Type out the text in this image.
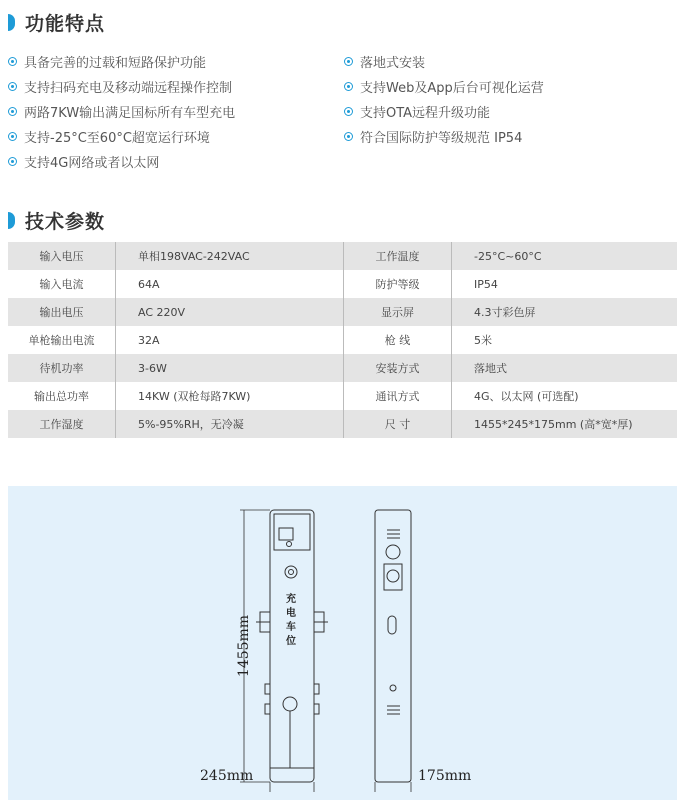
功能特点
具备完善的过载和短路保护功能	落地式安装
支持扫码充电及移动端远程操作控制	支持Web及App后台可视化运营
两路7KW输出满足国标所有车型充电	支持OTA远程升级功能
支持-25°C至60°C超宽运行环境	符合国际防护等级规范 IP54
支持4G网络或者以太网
技术参数
输入电压	单相198VAC-242VAC	工作温度	-25°C~60°C
输入电流	64A	防护等级	IP54
输出电压	AC 220V	显示屏	4.3寸彩色屏
单枪输出电流	32A	枪 线	5米
待机功率	3-6W	安装方式	落地式
输出总功率	14KW (双枪每路7KW)	通讯方式	4G、以太网 (可选配)
工作湿度	5%-95%RH，无冷凝	尺 寸	1455*245*175mm (高*宽*厚)
充
电
车
位
1455mm
245mm	175mm
